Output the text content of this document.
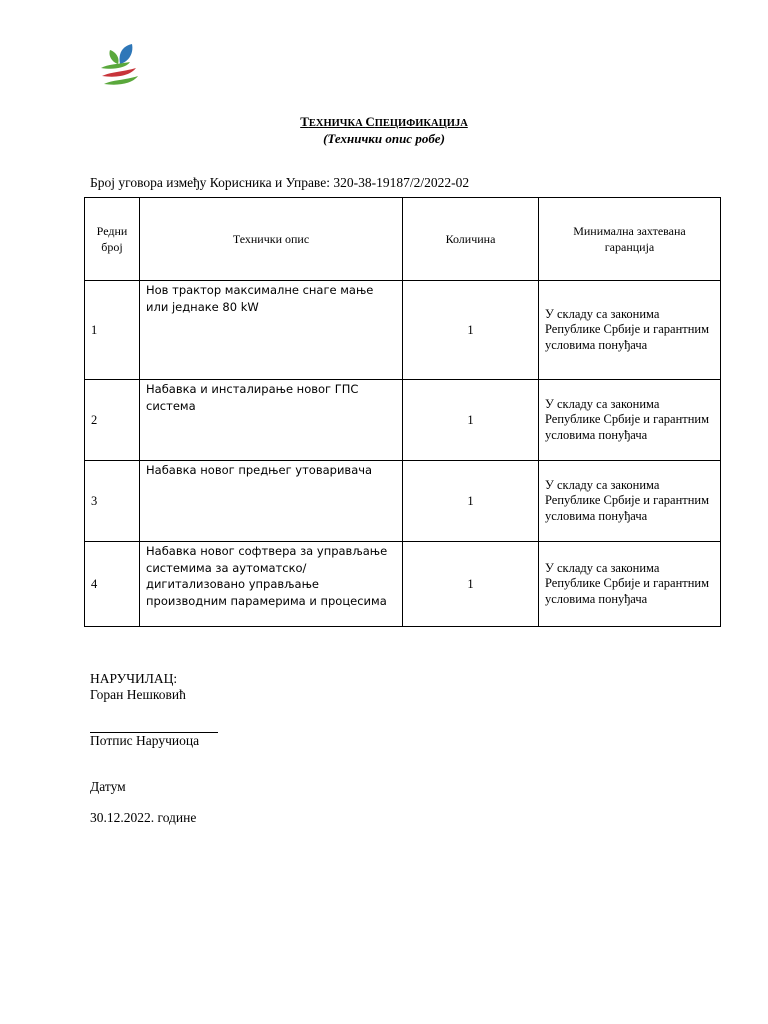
ТЕХНИЧКА СПЕЦИФИКАЦИЈА
(Технички опис робе)
Број уговора између Корисника и Управе: 320-38-19187/2/2022-02
Редни број	Технички опис	Количина	Минимална захтевана гаранција
1	Нов трактор максималне снаге мање или једнаке 80 kW	1	У складу са законима Републике Србије и гарантним условима понуђача
2	Набавка и инсталирање новог ГПС система	1	У складу са законима Републике Србије и гарантним условима понуђача
3	Набавка новог предњег утоваривача	1	У складу са законима Републике Србије и гарантним условима понуђача
4	Набавка новог софтвера за управљање системима за аутоматско/дигитализовано управљање производним парамерима и процесима	1	У складу са законима Републике Србије и гарантним условима понуђача
НАРУЧИЛАЦ:
Горан Нешковић
Потпис Наручиоца
Датум
30.12.2022. године
